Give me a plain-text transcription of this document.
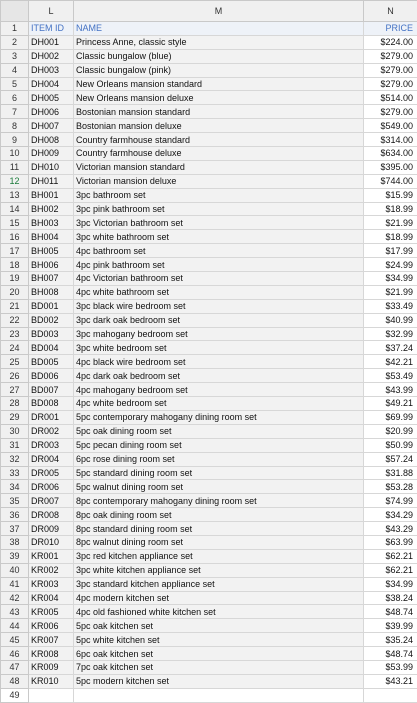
	L	M	N
1	ITEM ID	NAME	PRICE
2	DH001	Princess Anne, classic style	$224.00
3	DH002	Classic bungalow (blue)	$279.00
4	DH003	Classic bungalow (pink)	$279.00
5	DH004	New Orleans mansion standard	$279.00
6	DH005	New Orleans mansion deluxe	$514.00
7	DH006	Bostonian mansion standard	$279.00
8	DH007	Bostonian mansion deluxe	$549.00
9	DH008	Country farmhouse standard	$314.00
10	DH009	Country farmhouse deluxe	$634.00
11	DH010	Victorian mansion standard	$395.00
12	DH011	Victorian mansion deluxe	$744.00
13	BH001	3pc bathroom set	$15.99
14	BH002	3pc pink bathroom set	$18.99
15	BH003	3pc Victorian bathroom set	$21.99
16	BH004	3pc white bathroom set	$18.99
17	BH005	4pc bathroom set	$17.99
18	BH006	4pc pink bathroom set	$24.99
19	BH007	4pc Victorian bathroom set	$34.99
20	BH008	4pc white bathroom set	$21.99
21	BD001	3pc black wire bedroom set	$33.49
22	BD002	3pc dark oak bedroom set	$40.99
23	BD003	3pc mahogany bedroom set	$32.99
24	BD004	3pc white bedroom set	$37.24
25	BD005	4pc black wire bedroom set	$42.21
26	BD006	4pc dark oak bedroom set	$53.49
27	BD007	4pc mahogany bedroom set	$43.99
28	BD008	4pc white bedroom set	$49.21
29	DR001	5pc contemporary mahogany dining room set	$69.99
30	DR002	5pc oak dining room set	$20.99
31	DR003	5pc pecan dining room set	$50.99
32	DR004	6pc rose dining room set	$57.24
33	DR005	5pc standard dining room set	$31.88
34	DR006	5pc walnut dining room set	$53.28
35	DR007	8pc contemporary mahogany dining room set	$74.99
36	DR008	8pc oak dining room set	$34.29
37	DR009	8pc standard dining room set	$43.29
38	DR010	8pc walnut dining room set	$63.99
39	KR001	3pc red kitchen appliance set	$62.21
40	KR002	3pc white kitchen appliance set	$62.21
41	KR003	3pc standard kitchen appliance set	$34.99
42	KR004	4pc modern kitchen set	$38.24
43	KR005	4pc old fashioned white kitchen set	$48.74
44	KR006	5pc oak kitchen set	$39.99
45	KR007	5pc white kitchen set	$35.24
46	KR008	6pc oak kitchen set	$48.74
47	KR009	7pc oak kitchen set	$53.99
48	KR010	5pc modern kitchen set	$43.21
49			
